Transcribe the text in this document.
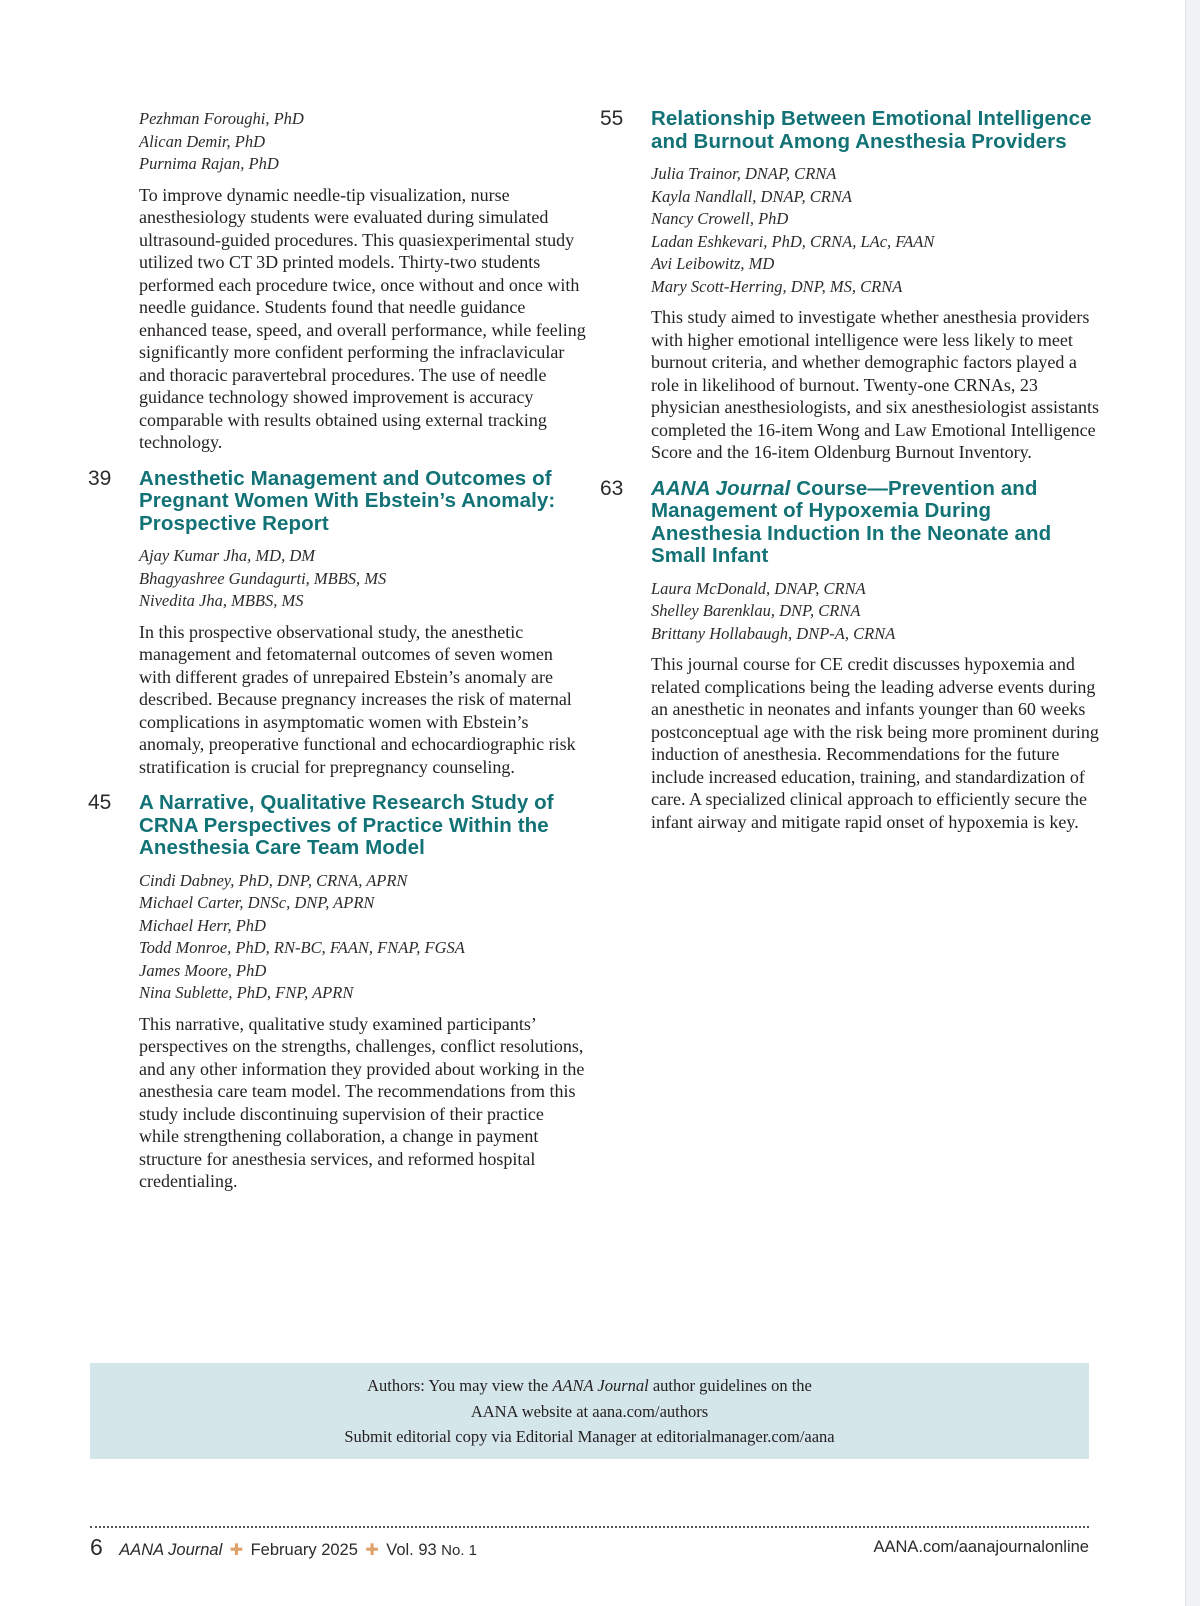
Pezhman Foroughi, PhD
Alican Demir, PhD
Purnima Rajan, PhD

To improve dynamic needle-tip visualization, nurse anesthesiology students were evaluated during simulated ultrasound-guided procedures. This quasiexperimental study utilized two CT 3D printed models. Thirty-two students performed each procedure twice, once without and once with needle guidance. Students found that needle guidance enhanced tease, speed, and overall performance, while feeling significantly more confident performing the infraclavicular and thoracic paravertebral procedures. The use of needle guidance technology showed improvement is accuracy comparable with results obtained using external tracking technology.

39 Anesthetic Management and Outcomes of Pregnant Women With Ebstein’s Anomaly: Prospective Report
Ajay Kumar Jha, MD, DM
Bhagyashree Gundagurti, MBBS, MS
Nivedita Jha, MBBS, MS

In this prospective observational study, the anesthetic management and fetomaternal outcomes of seven women with different grades of unrepaired Ebstein’s anomaly are described. Because pregnancy increases the risk of maternal complications in asymptomatic women with Ebstein’s anomaly, preoperative functional and echocardiographic risk stratification is crucial for prepregnancy counseling.

45 A Narrative, Qualitative Research Study of CRNA Perspectives of Practice Within the Anesthesia Care Team Model
Cindi Dabney, PhD, DNP, CRNA, APRN
Michael Carter, DNSc, DNP, APRN
Michael Herr, PhD
Todd Monroe, PhD, RN-BC, FAAN, FNAP, FGSA
James Moore, PhD
Nina Sublette, PhD, FNP, APRN

This narrative, qualitative study examined participants’ perspectives on the strengths, challenges, conflict resolutions, and any other information they provided about working in the anesthesia care team model. The recommendations from this study include discontinuing supervision of their practice while strengthening collaboration, a change in payment structure for anesthesia services, and reformed hospital credentialing.

55 Relationship Between Emotional Intelligence and Burnout Among Anesthesia Providers
Julia Trainor, DNAP, CRNA
Kayla Nandlall, DNAP, CRNA
Nancy Crowell, PhD
Ladan Eshkevari, PhD, CRNA, LAc, FAAN
Avi Leibowitz, MD
Mary Scott-Herring, DNP, MS, CRNA

This study aimed to investigate whether anesthesia providers with higher emotional intelligence were less likely to meet burnout criteria, and whether demographic factors played a role in likelihood of burnout. Twenty-one CRNAs, 23 physician anesthesiologists, and six anesthesiologist assistants completed the 16-item Wong and Law Emotional Intelligence Score and the 16-item Oldenburg Burnout Inventory.

63 AANA Journal Course—Prevention and Management of Hypoxemia During Anesthesia Induction In the Neonate and Small Infant
Laura McDonald, DNAP, CRNA
Shelley Barenklau, DNP, CRNA
Brittany Hollabaugh, DNP-A, CRNA

This journal course for CE credit discusses hypoxemia and related complications being the leading adverse events during an anesthetic in neonates and infants younger than 60 weeks postconceptual age with the risk being more prominent during induction of anesthesia. Recommendations for the future include increased education, training, and standardization of care. A specialized clinical approach to efficiently secure the infant airway and mitigate rapid onset of hypoxemia is key.

Authors: You may view the AANA Journal author guidelines on the
AANA website at aana.com/authors
Submit editorial copy via Editorial Manager at editorialmanager.com/aana
6 AANA Journal ✚ February 2025 ✚ Vol. 93 No. 1	AANA.com/aanajournalonline
